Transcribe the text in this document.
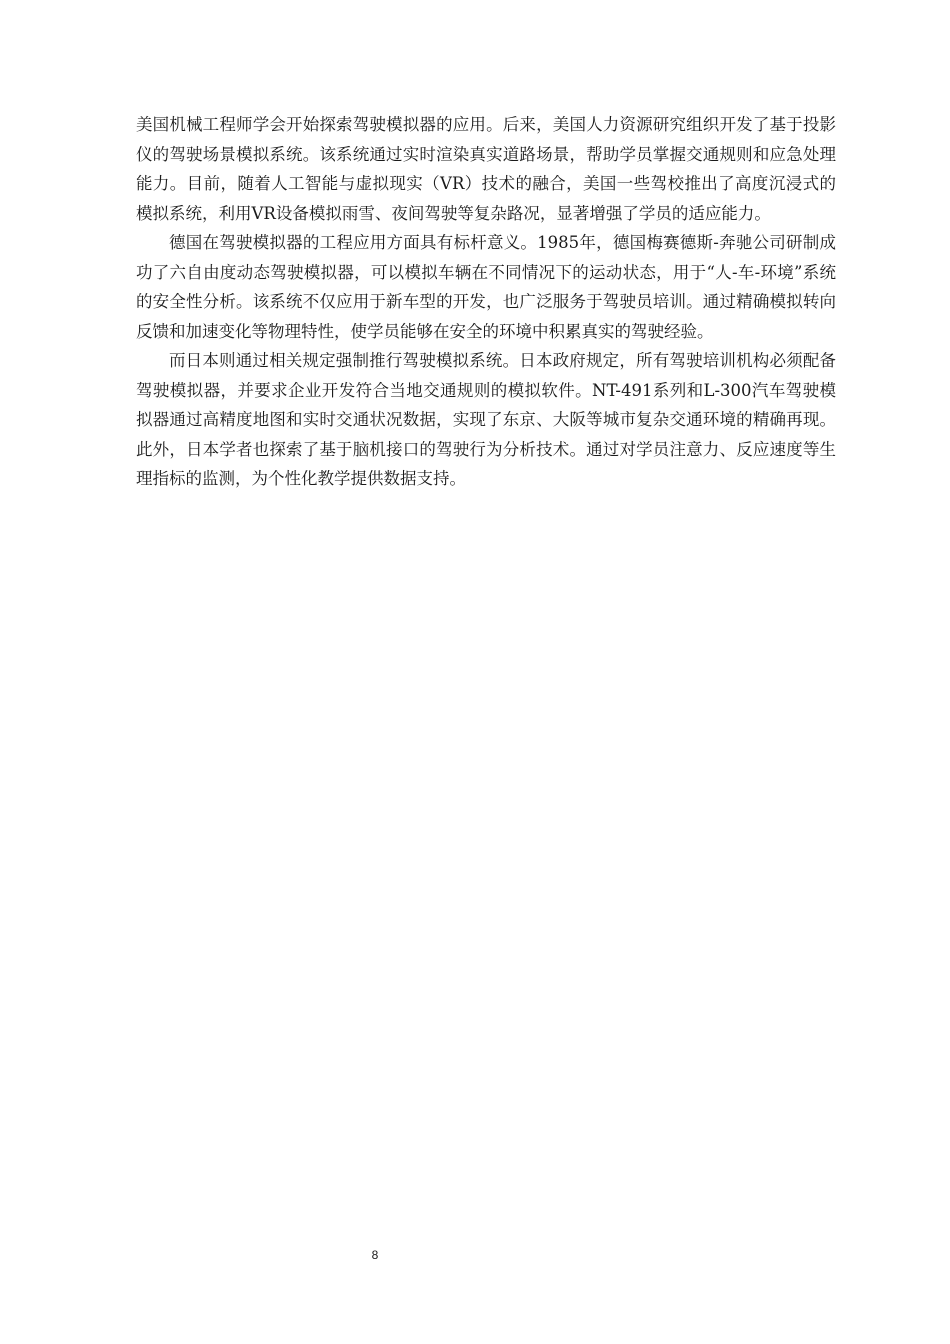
美国机械工程师学会开始探索驾驶模拟器的应用。后来，美国人力资源研究组织开发了基于投影仪的驾驶场景模拟系统。该系统通过实时渲染真实道路场景，帮助学员掌握交通规则和应急处理能力。目前，随着人工智能与虚拟现实（VR）技术的融合，美国一些驾校推出了高度沉浸式的模拟系统，利用VR设备模拟雨雪、夜间驾驶等复杂路况，显著增强了学员的适应能力。

德国在驾驶模拟器的工程应用方面具有标杆意义。1985年，德国梅赛德斯-奔驰公司研制成功了六自由度动态驾驶模拟器，可以模拟车辆在不同情况下的运动状态，用于“人-车-环境”系统的安全性分析。该系统不仅应用于新车型的开发，也广泛服务于驾驶员培训。通过精确模拟转向反馈和加速变化等物理特性，使学员能够在安全的环境中积累真实的驾驶经验。

而日本则通过相关规定强制推行驾驶模拟系统。日本政府规定，所有驾驶培训机构必须配备驾驶模拟器，并要求企业开发符合当地交通规则的模拟软件。NT-491系列和L-300汽车驾驶模拟器通过高精度地图和实时交通状况数据，实现了东京、大阪等城市复杂交通环境的精确再现。此外，日本学者也探索了基于脑机接口的驾驶行为分析技术。通过对学员注意力、反应速度等生理指标的监测，为个性化教学提供数据支持。

8
